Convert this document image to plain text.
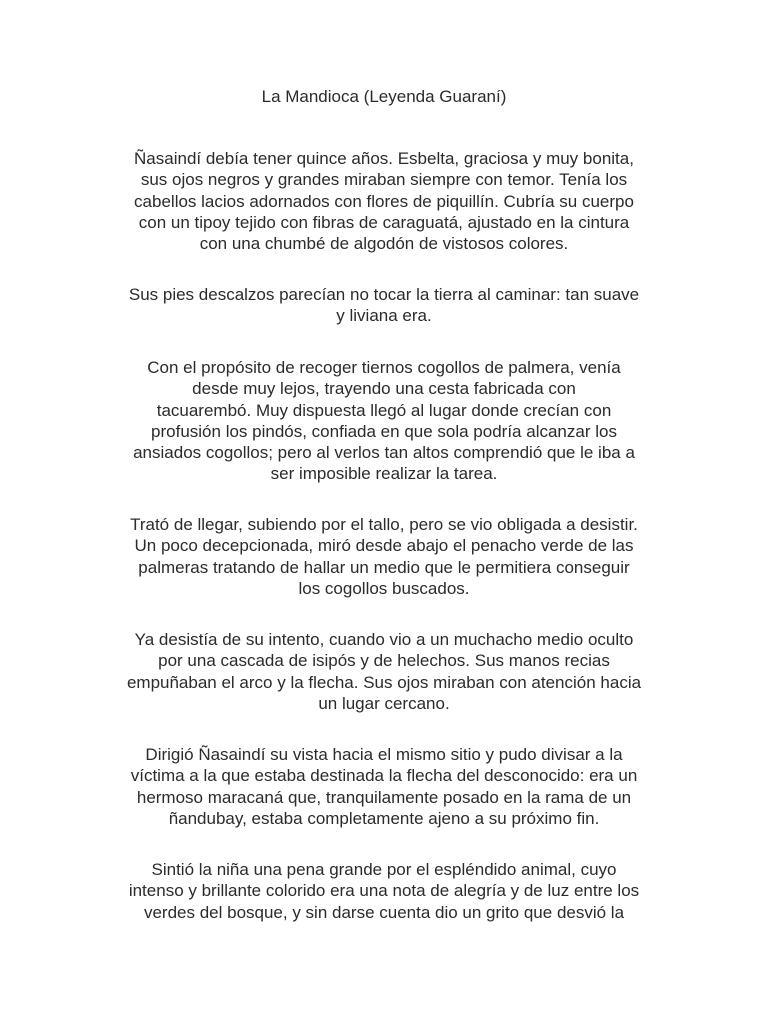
La Mandioca (Leyenda Guaraní)

Ñasaindí debía tener quince años. Esbelta, graciosa y muy bonita,
sus ojos negros y grandes miraban siempre con temor. Tenía los
cabellos lacios adornados con flores de piquillín. Cubría su cuerpo
con un tipoy tejido con fibras de caraguatá, ajustado en la cintura
con una chumbé de algodón de vistosos colores.

Sus pies descalzos parecían no tocar la tierra al caminar: tan suave
y liviana era.

Con el propósito de recoger tiernos cogollos de palmera, venía
desde muy lejos, trayendo una cesta fabricada con
tacuarembó. Muy dispuesta llegó al lugar donde crecían con
profusión los pindós, confiada en que sola podría alcanzar los
ansiados cogollos; pero al verlos tan altos comprendió que le iba a
ser imposible realizar la tarea.

Trató de llegar, subiendo por el tallo, pero se vio obligada a desistir.
Un poco decepcionada, miró desde abajo el penacho verde de las
palmeras tratando de hallar un medio que le permitiera conseguir
los cogollos buscados.

Ya desistía de su intento, cuando vio a un muchacho medio oculto
por una cascada de isipós y de helechos. Sus manos recias
empuñaban el arco y la flecha. Sus ojos miraban con atención hacia
un lugar cercano.

Dirigió Ñasaindí su vista hacia el mismo sitio y pudo divisar a la
víctima a la que estaba destinada la flecha del desconocido: era un
hermoso maracaná que, tranquilamente posado en la rama de un
ñandubay, estaba completamente ajeno a su próximo fin.

Sintió la niña una pena grande por el espléndido animal, cuyo
intenso y brillante colorido era una nota de alegría y de luz entre los
verdes del bosque, y sin darse cuenta dio un grito que desvió la
